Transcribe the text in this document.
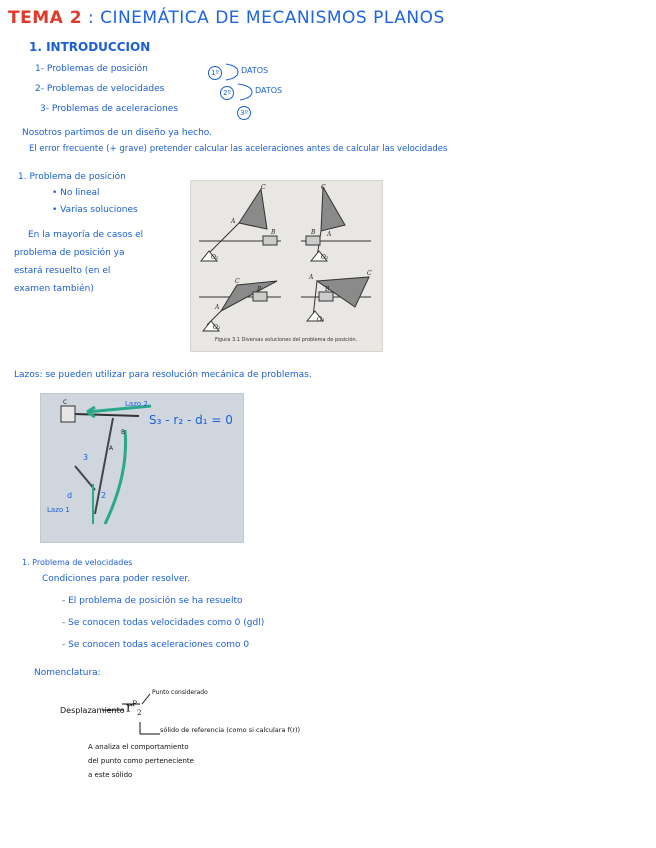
TEMA 2 : CINEMÁTICA DE MECANISMOS PLANOS
1. INTRODUCCION
1- Problemas de posición	1º
2- Problemas de velocidades	2º
3- Problemas de aceleraciones	3º
DATOS
DATOS
Nosotros partimos de un diseño ya hecho.
El error frecuente (+ grave) pretender calcular las aceleraciones antes de calcular las velocidades
1. Problema de posición
• No lineal
• Varias soluciones
En la mayoría de casos el
problema de posición ya
estará resuelto (en el
examen también)
C
A
B
O₂
C
A
B
O₂
A
C
B
O₂
A
C
B
O₂
Figura 3.1 Diversas soluciones del problema de posición.
Lazos: se pueden utilizar para resolución mecánica de problemas.
S₃ - r₂ - d₁ = 0
Lazo 2
Lazo 1
d	2
3
C
A
B
1. Problema de velocidades
Condiciones para poder resolver.
- El problema de posición se ha resuelto
- Se conocen todas velocidades como 0 (gdl)
- Se conocen todas aceleraciones como 0
Nomenclatura:
Desplazamiento $r^P_2$
Punto considerado
sólido de referencia (como si calculara f(r))
A analiza el comportamiento
del punto como perteneciente
a este sólido
